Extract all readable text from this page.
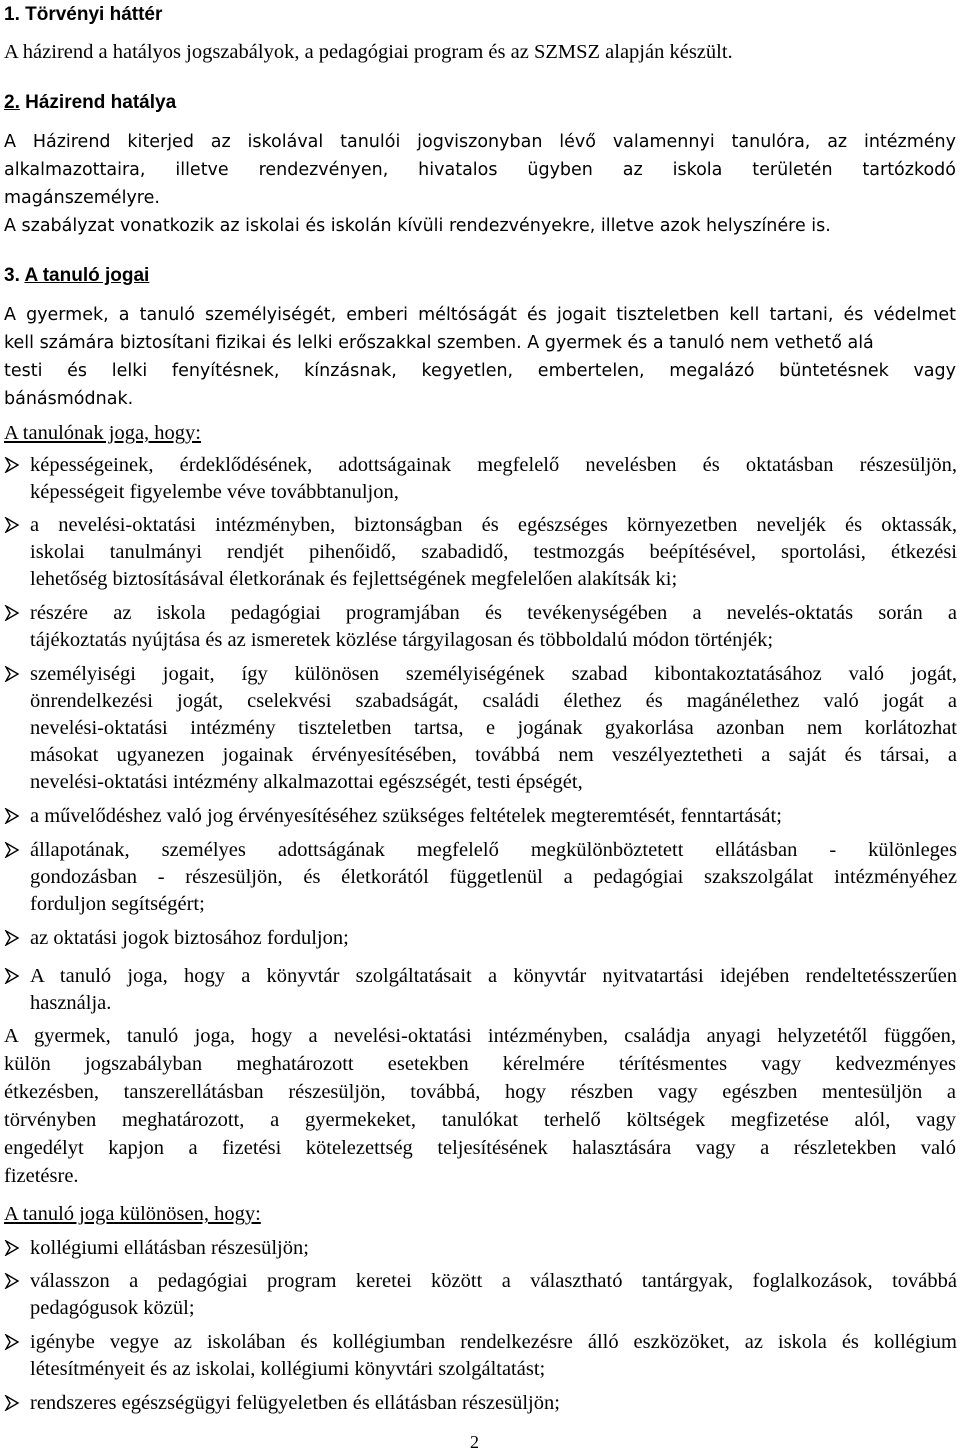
1. Törvényi háttér
A házirend a hatályos jogszabályok, a pedagógiai program és az SZMSZ alapján készült.
2. Házirend hatálya
A Házirend kiterjed az iskolával tanulói jogviszonyban lévő valamennyi tanulóra, az intézmény
alkalmazottaira, illetve rendezvényen, hivatalos ügyben az iskola területén tartózkodó
magánszemélyre.
A szabályzat vonatkozik az iskolai és iskolán kívüli rendezvényekre, illetve azok helyszínére is.
3. A tanuló jogai
A gyermek, a tanuló személyiségét, emberi méltóságát és jogait tiszteletben kell tartani, és védelmet
kell számára biztosítani fizikai és lelki erőszakkal szemben. A gyermek és a tanuló nem vethető alá
testi és lelki fenyítésnek, kínzásnak, kegyetlen, embertelen, megalázó büntetésnek vagy
bánásmódnak.
A tanulónak joga, hogy:
képességeinek, érdeklődésének, adottságainak megfelelő nevelésben és oktatásban részesüljön,
képességeit figyelembe véve továbbtanuljon,
a nevelési-oktatási intézményben, biztonságban és egészséges környezetben neveljék és oktassák,
iskolai tanulmányi rendjét pihenőidő, szabadidő, testmozgás beépítésével, sportolási, étkezési
lehetőség biztosításával életkorának és fejlettségének megfelelően alakítsák ki;
részére az iskola pedagógiai programjában és tevékenységében a nevelés-oktatás során a
tájékoztatás nyújtása és az ismeretek közlése tárgyilagosan és többoldalú módon történjék;
személyiségi jogait, így különösen személyiségének szabad kibontakoztatásához való jogát,
önrendelkezési jogát, cselekvési szabadságát, családi élethez és magánélethez való jogát a
nevelési-oktatási intézmény tiszteletben tartsa, e jogának gyakorlása azonban nem korlátozhat
másokat ugyanezen jogainak érvényesítésében, továbbá nem veszélyeztetheti a saját és társai, a
nevelési-oktatási intézmény alkalmazottai egészségét, testi épségét,
a művelődéshez való jog érvényesítéséhez szükséges feltételek megteremtését, fenntartását;
állapotának, személyes adottságának megfelelő megkülönböztetett ellátásban - különleges
gondozásban - részesüljön, és életkorától függetlenül a pedagógiai szakszolgálat intézményéhez
forduljon segítségért;
az oktatási jogok biztosához forduljon;
A tanuló joga, hogy a könyvtár szolgáltatásait a könyvtár nyitvatartási idejében rendeltetésszerűen
használja.
A gyermek, tanuló joga, hogy a nevelési-oktatási intézményben, családja anyagi helyzetétől függően,
külön jogszabályban meghatározott esetekben kérelmére térítésmentes vagy kedvezményes
étkezésben, tanszerellátásban részesüljön, továbbá, hogy részben vagy egészben mentesüljön a
törvényben meghatározott, a gyermekeket, tanulókat terhelő költségek megfizetése alól, vagy
engedélyt kapjon a fizetési kötelezettség teljesítésének halasztására vagy a részletekben való
fizetésre.
A tanuló joga különösen, hogy:
kollégiumi ellátásban részesüljön;
válasszon a pedagógiai program keretei között a választható tantárgyak, foglalkozások, továbbá
pedagógusok közül;
igénybe vegye az iskolában és kollégiumban rendelkezésre álló eszközöket, az iskola és kollégium
létesítményeit és az iskolai, kollégiumi könyvtári szolgáltatást;
rendszeres egészségügyi felügyeletben és ellátásban részesüljön;
2
